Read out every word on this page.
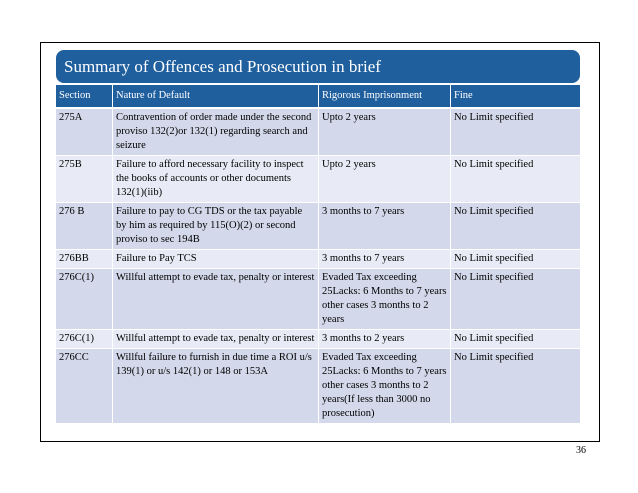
Summary of Offences and Prosecution in brief
Section	Nature of Default	Rigorous Imprisonment	Fine
275A	Contravention of order made under the second proviso 132(2)or 132(1) regarding search and seizure	Upto 2 years	No Limit specified
275B	Failure to afford necessary facility to inspect the books of accounts or other documents 132(1)(iib)	Upto 2 years	No Limit specified
276 B	Failure to pay to CG TDS or the tax payable by him as required by 115(O)(2) or second proviso to sec 194B	3 months to 7 years	No Limit specified
276BB	Failure to Pay TCS	3 months to 7 years	No Limit specified
276C(1)	Willful attempt to evade tax, penalty or interest	Evaded Tax exceeding 25Lacks: 6 Months to 7 years other cases 3 months to 2 years	No Limit specified
276C(1)	Willful attempt to evade tax, penalty or interest	3 months to 2 years	No Limit specified
276CC	Willful failure to furnish in due time a ROI u/s 139(1) or u/s 142(1) or 148 or 153A	Evaded Tax exceeding 25Lacks: 6 Months to 7 years other cases 3 months to 2 years(If less than 3000 no prosecution)	No Limit specified
36
